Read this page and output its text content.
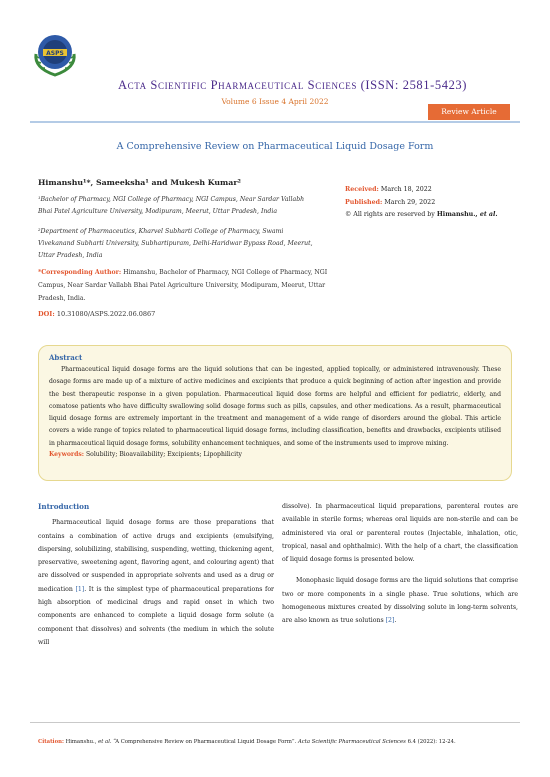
ASPS
Acta Scientific Pharmaceutical Sciences (ISSN: 2581-5423)
Volume 6 Issue 4 April 2022
Review Article
A Comprehensive Review on Pharmaceutical Liquid Dosage Form
Himanshu¹*, Sameeksha¹ and Mukesh Kumar²
¹Bachelor of Pharmacy, NGI College of Pharmacy, NGI Campus, Near Sardar Vallabh Bhai Patel Agriculture University, Modipuram, Meerut, Uttar Pradesh, India
²Department of Pharmaceutics, Kharvel Subharti College of Pharmacy, Swami Vivekanand Subharti University, Subhartipuram, Delhi-Haridwar Bypass Road, Meerut, Uttar Pradesh, India
*Corresponding Author: Himanshu, Bachelor of Pharmacy, NGI College of Pharmacy, NGI Campus, Near Sardar Vallabh Bhai Patel Agriculture University, Modipuram, Meerut, Uttar Pradesh, India.
DOI: 10.31080/ASPS.2022.06.0867
Received: March 18, 2022
Published: March 29, 2022
© All rights are reserved by Himanshu., et al.
Abstract
Pharmaceutical liquid dosage forms are the liquid solutions that can be ingested, applied topically, or administered intravenously. These dosage forms are made up of a mixture of active medicines and excipients that produce a quick beginning of action after ingestion and provide the best therapeutic response in a given population. Pharmaceutical liquid dose forms are helpful and efficient for pediatric, elderly, and comatose patients who have difficulty swallowing solid dosage forms such as pills, capsules, and other medications. As a result, pharmaceutical liquid dosage forms are extremely important in the treatment and management of a wide range of disorders around the global. This article covers a wide range of topics related to pharmaceutical liquid dosage forms, including classification, benefits and drawbacks, excipients utilised in pharmaceutical liquid dosage forms, solubility enhancement techniques, and some of the instruments used to improve mixing.
Keywords: Solubility; Bioavailability; Excipients; Lipophilicity
Introduction

Pharmaceutical liquid dosage forms are those preparations that contains a combination of active drugs and excipients (emulsifying, dispersing, solubilizing, stabilising, suspending, wetting, thickening agent, preservative, sweetening agent, flavoring agent, and colouring agent) that are dissolved or suspended in appropriate solvents and used as a drug or medication [1]. It is the simplest type of pharmaceutical preparations for high absorption of medicinal drugs and rapid onset in which two components are enhanced to complete a liquid dosage form solute (a component that dissolves) and solvents (the medium in which the solute will

dissolve). In pharmaceutical liquid preparations, parenteral routes are available in sterile forms; whereas oral liquids are non-sterile and can be administered via oral or parenteral routes (Injectable, inhalation, otic, tropical, nasal and ophthalmic). With the help of a chart, the classification of liquid dosage forms is presented below.

Monophasic liquid dosage forms are the liquid solutions that comprise two or more components in a single phase. True solutions, which are homogeneous mixtures created by dissolving solute in long-term solvents, are also known as true solutions [2].

Citation: Himanshu., et al. “A Comprehensive Review on Pharmaceutical Liquid Dosage Form”. Acta Scientific Pharmaceutical Sciences 6.4 (2022): 12-24.
